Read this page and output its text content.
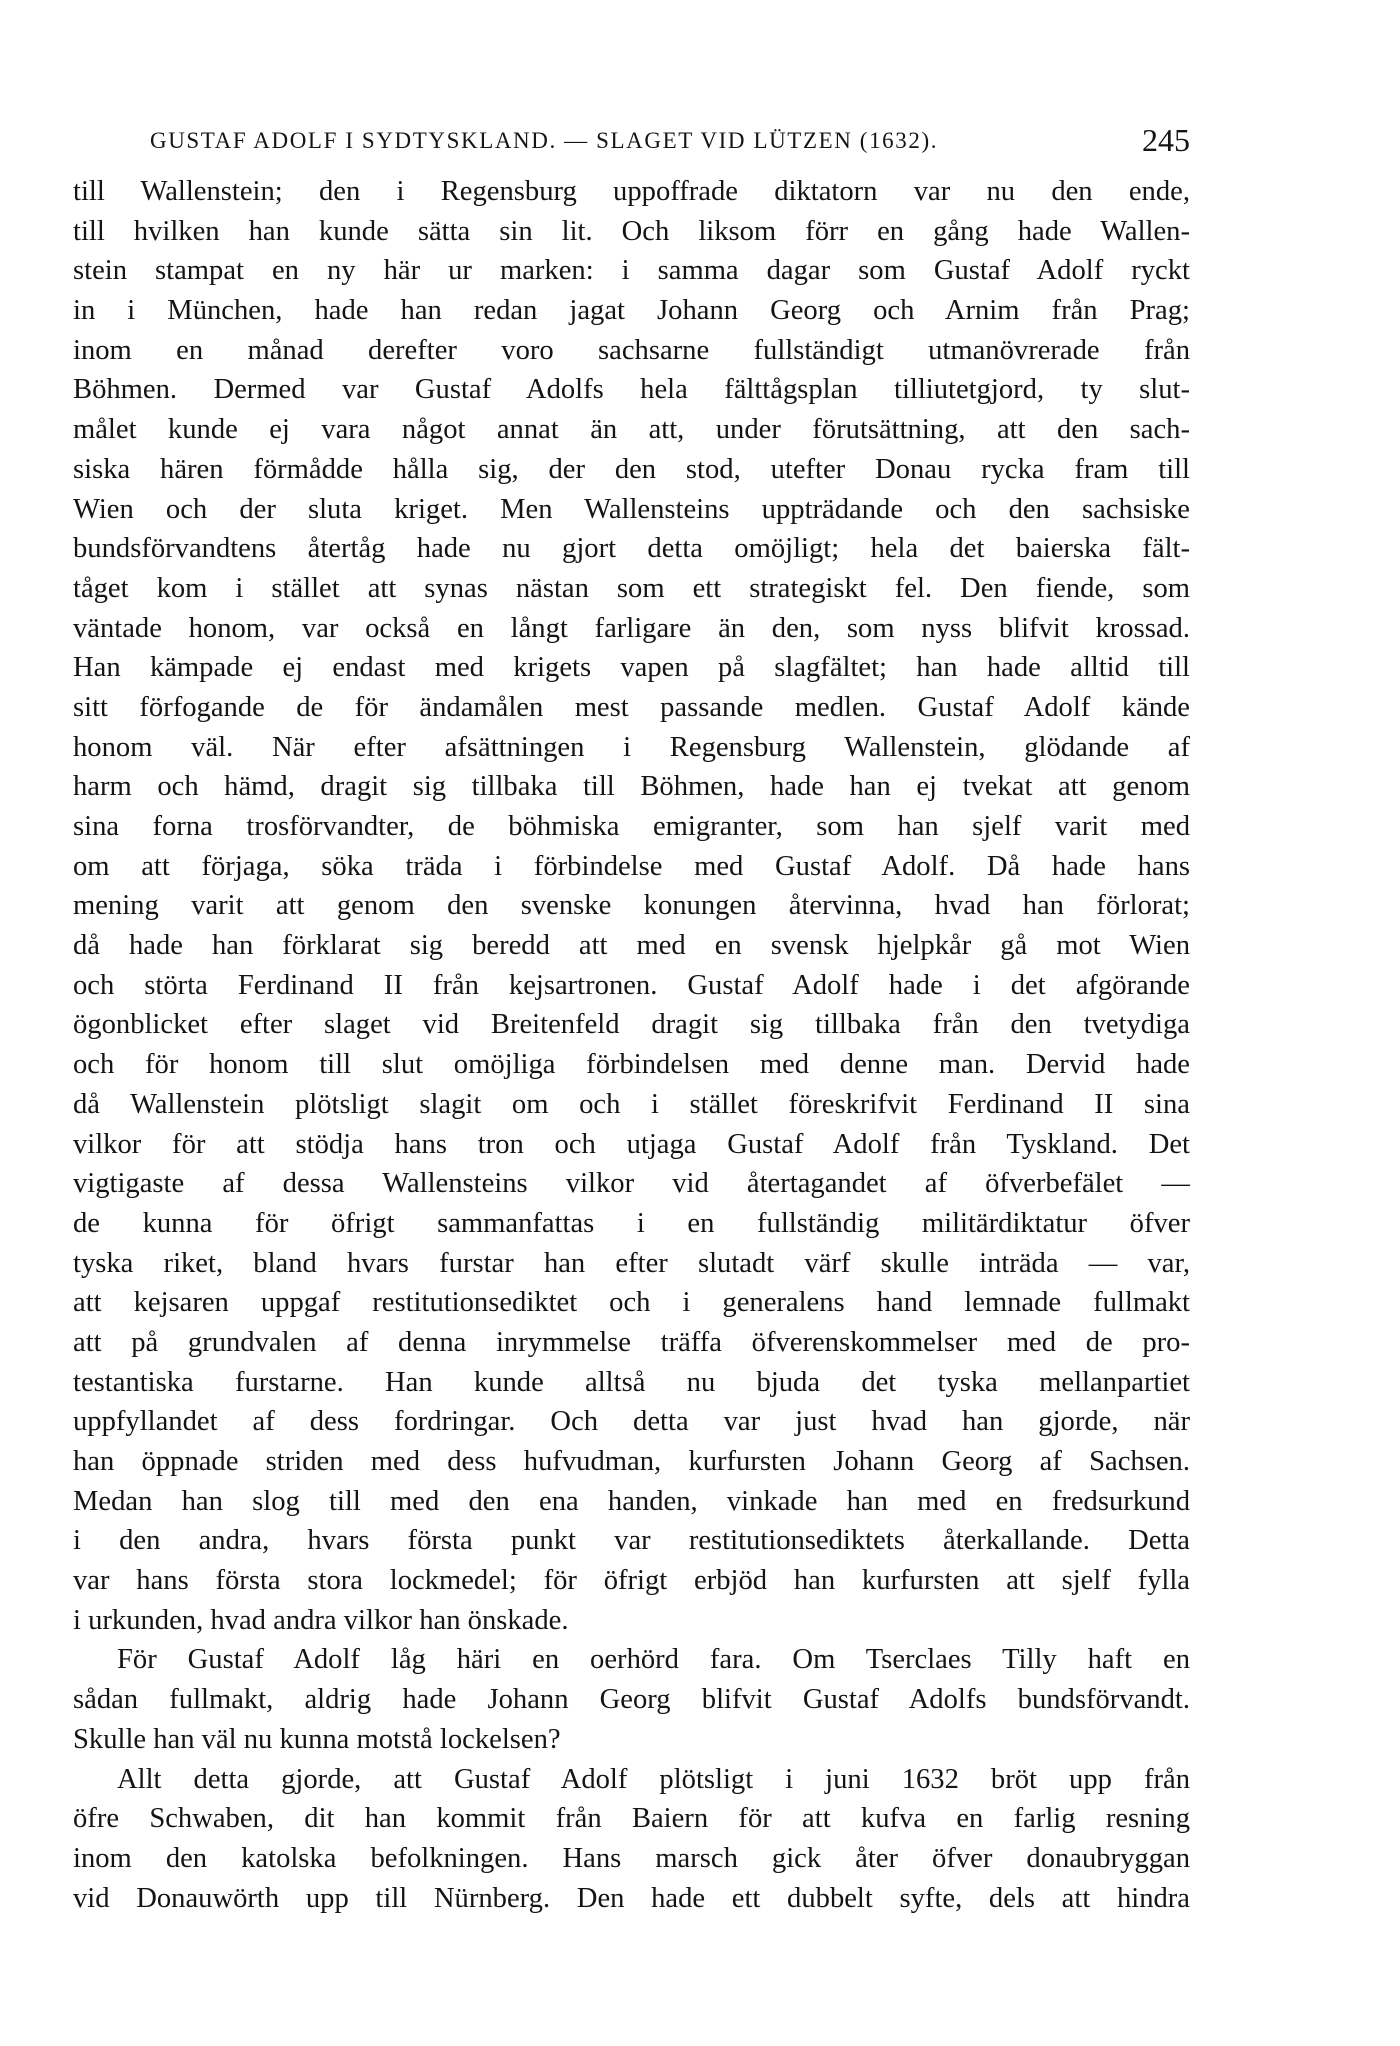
GUSTAF ADOLF I SYDTYSKLAND. — SLAGET VID LÜTZEN (1632).	245

till Wallenstein; den i Regensburg uppoffrade diktatorn var nu den ende,
till hvilken han kunde sätta sin lit. Och liksom förr en gång hade Wallen-
stein stampat en ny här ur marken: i samma dagar som Gustaf Adolf ryckt
in i München, hade han redan jagat Johann Georg och Arnim från Prag;
inom en månad derefter voro sachsarne fullständigt utmanövrerade från
Böhmen. Dermed var Gustaf Adolfs hela fälttågsplan tilliutetgjord, ty slut-
målet kunde ej vara något annat än att, under förutsättning, att den sach-
siska hären förmådde hålla sig, der den stod, utefter Donau rycka fram till
Wien och der sluta kriget. Men Wallensteins uppträdande och den sachsiske
bundsförvandtens återtåg hade nu gjort detta omöjligt; hela det baierska fält-
tåget kom i stället att synas nästan som ett strategiskt fel. Den fiende, som
väntade honom, var också en långt farligare än den, som nyss blifvit krossad.
Han kämpade ej endast med krigets vapen på slagfältet; han hade alltid till
sitt förfogande de för ändamålen mest passande medlen. Gustaf Adolf kände
honom väl. När efter afsättningen i Regensburg Wallenstein, glödande af
harm och hämd, dragit sig tillbaka till Böhmen, hade han ej tvekat att genom
sina forna trosförvandter, de böhmiska emigranter, som han sjelf varit med
om att förjaga, söka träda i förbindelse med Gustaf Adolf. Då hade hans
mening varit att genom den svenske konungen återvinna, hvad han förlorat;
då hade han förklarat sig beredd att med en svensk hjelpkår gå mot Wien
och störta Ferdinand II från kejsartronen. Gustaf Adolf hade i det afgörande
ögonblicket efter slaget vid Breitenfeld dragit sig tillbaka från den tvetydiga
och för honom till slut omöjliga förbindelsen med denne man. Dervid hade
då Wallenstein plötsligt slagit om och i stället föreskrifvit Ferdinand II sina
vilkor för att stödja hans tron och utjaga Gustaf Adolf från Tyskland. Det
vigtigaste af dessa Wallensteins vilkor vid återtagandet af öfverbefälet —
de kunna för öfrigt sammanfattas i en fullständig militärdiktatur öfver
tyska riket, bland hvars furstar han efter slutadt värf skulle inträda — var,
att kejsaren uppgaf restitutionsediktet och i generalens hand lemnade fullmakt
att på grundvalen af denna inrymmelse träffa öfverenskommelser med de pro-
testantiska furstarne. Han kunde alltså nu bjuda det tyska mellanpartiet
uppfyllandet af dess fordringar. Och detta var just hvad han gjorde, när
han öppnade striden med dess hufvudman, kurfursten Johann Georg af Sachsen.
Medan han slog till med den ena handen, vinkade han med en fredsurkund
i den andra, hvars första punkt var restitutionsediktets återkallande. Detta
var hans första stora lockmedel; för öfrigt erbjöd han kurfursten att sjelf fylla
i urkunden, hvad andra vilkor han önskade.

För Gustaf Adolf låg häri en oerhörd fara. Om Tserclaes Tilly haft en
sådan fullmakt, aldrig hade Johann Georg blifvit Gustaf Adolfs bundsförvandt.
Skulle han väl nu kunna motstå lockelsen?

Allt detta gjorde, att Gustaf Adolf plötsligt i juni 1632 bröt upp från
öfre Schwaben, dit han kommit från Baiern för att kufva en farlig resning
inom den katolska befolkningen. Hans marsch gick åter öfver donaubryggan
vid Donauwörth upp till Nürnberg. Den hade ett dubbelt syfte, dels att hindra
